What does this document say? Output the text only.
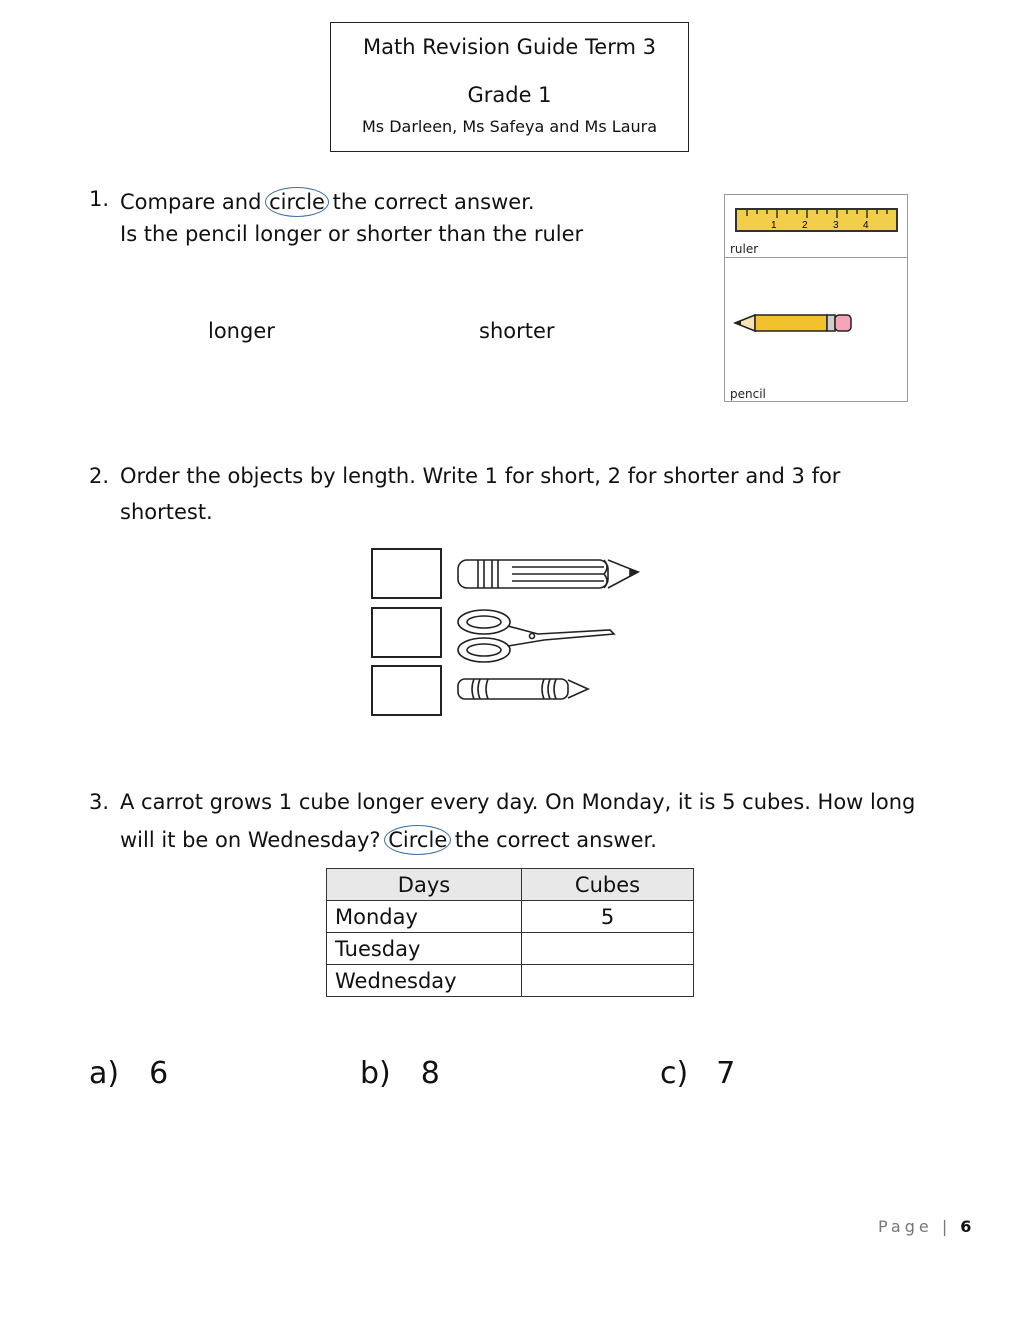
Math Revision Guide Term 3
Grade 1
Ms Darleen, Ms Safeya and Ms Laura
1. Compare and circle the correct answer.
Is the pencil longer or shorter than the ruler
longer	shorter
1	2	3 4
ruler
pencil
2. Order the objects by length. Write 1 for short, 2 for shorter and 3 for
shortest.
3. A carrot grows 1 cube longer every day. On Monday, it is 5 cubes. How long
will it be on Wednesday? Circle the correct answer.
Days	Cubes
Monday	5
Tuesday	
Wednesday	
a) 6	b) 8	c) 7
Page | 6
